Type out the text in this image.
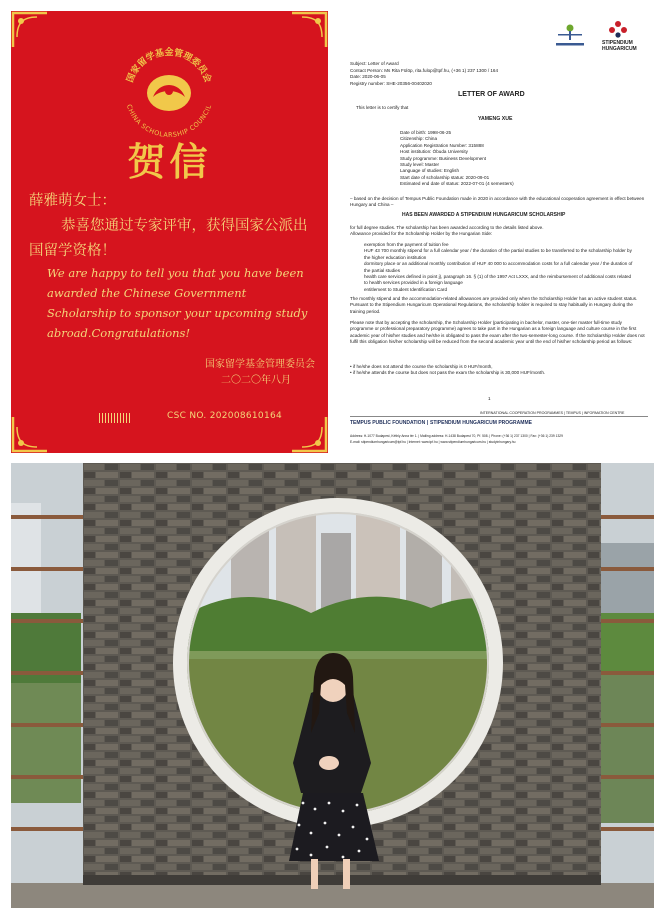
国家留学基金管理委员会
CHINA SCHOLARSHIP COUNCIL
贺信
薛雅萌女士：
恭喜您通过专家评审，获得国家公派出
国留学资格！
We are happy to tell you that you have been awarded the Chinese Government Scholarship to sponsor your upcoming study abroad.Congratulations!
国家留学基金管理委员会
二〇二〇年八月
CSC NO. 202008610164
STIPENDIUM
HUNGARICUM
Subject: Letter of Award
Contact Person: Ms Rita Fülöp, rita.fulop@tpf.hu, (+36 1) 237 1300 / 164
Date: 2020-06-05
Registry number: SHE-20356-00402020
LETTER OF AWARD
This letter is to certify that
YAMENG XUE
Date of birth: 1998-06-25
Citizenship: China
Application Registration Number: 315888
Host institution: Óbuda University
Study programme: Business Development
Study level: Master
Language of studies: English
Start date of scholarship status: 2020-09-01
Estimated end date of status: 2022-07-01 (4 semesters)
– based on the decision of Tempus Public Foundation made in 2020 in accordance with the educational cooperation agreement in effect between Hungary and China –
HAS BEEN AWARDED A STIPENDIUM HUNGARICUM SCHOLARSHIP
for full degree studies. The scholarship has been awarded according to the details listed above.
Allowance provided for the Scholarship Holder by the Hungarian Side:
exemption from the payment of tuition fee
HUF 43 700 monthly stipend for a full calendar year / the duration of the partial studies to be transferred to the scholarship holder by the higher education institution
dormitory place or an additional monthly contribution of HUF 40 000 to accommodation costs for a full calendar year / the duration of the partial studies
health care services defined in point j), paragraph 16. § (1) of the 1997 Act LXXX, and the reimbursement of additional costs related to health services provided in a foreign language
entitlement to Student Identification Card
The monthly stipend and the accommodation-related allowances are provided only when the Scholarship Holder has an active student status. Pursuant to the Stipendium Hungaricum Operational Regulations, the scholarship holder is required to stay habitually in Hungary during the training period.
Please note that by accepting the scholarship, the Scholarship Holder (participating in bachelor, master, one-tier master full-time study programme or professional preparatory programme) agrees to take part in the Hungarian as a foreign language and culture course in the first academic year of his/her studies and he/she is obligated to pass the exam after the two-semester-long course. If the Scholarship Holder does not fulfil this obligation his/her scholarship will be reduced from the second academic year until the end of his/her scholarship period as follows:
• if he/she does not attend the course the scholarship is 0 HUF/month,
• if he/she attends the course but does not pass the exam the scholarship is 30,000 HUF/month.
1
INTERNATIONAL COOPERATION PROGRAMMES | TEMPUS | INFORMATION CENTRE
TEMPUS PUBLIC FOUNDATION | STIPENDIUM HUNGARICUM PROGRAMME
Address: H-1077 Budapest, Kéthly Anna tér 1. | Mailing address: H-1438 Budapest 70, Pf. 508. | Phone: (+36 1) 237 1300 | Fax: (+36 1) 239 1329
E-mail: stipendiumhungaricum@tpf.hu | Internet: www.tpf.hu | www.stipendiumhungaricum.hu | studyinhungary.hu
